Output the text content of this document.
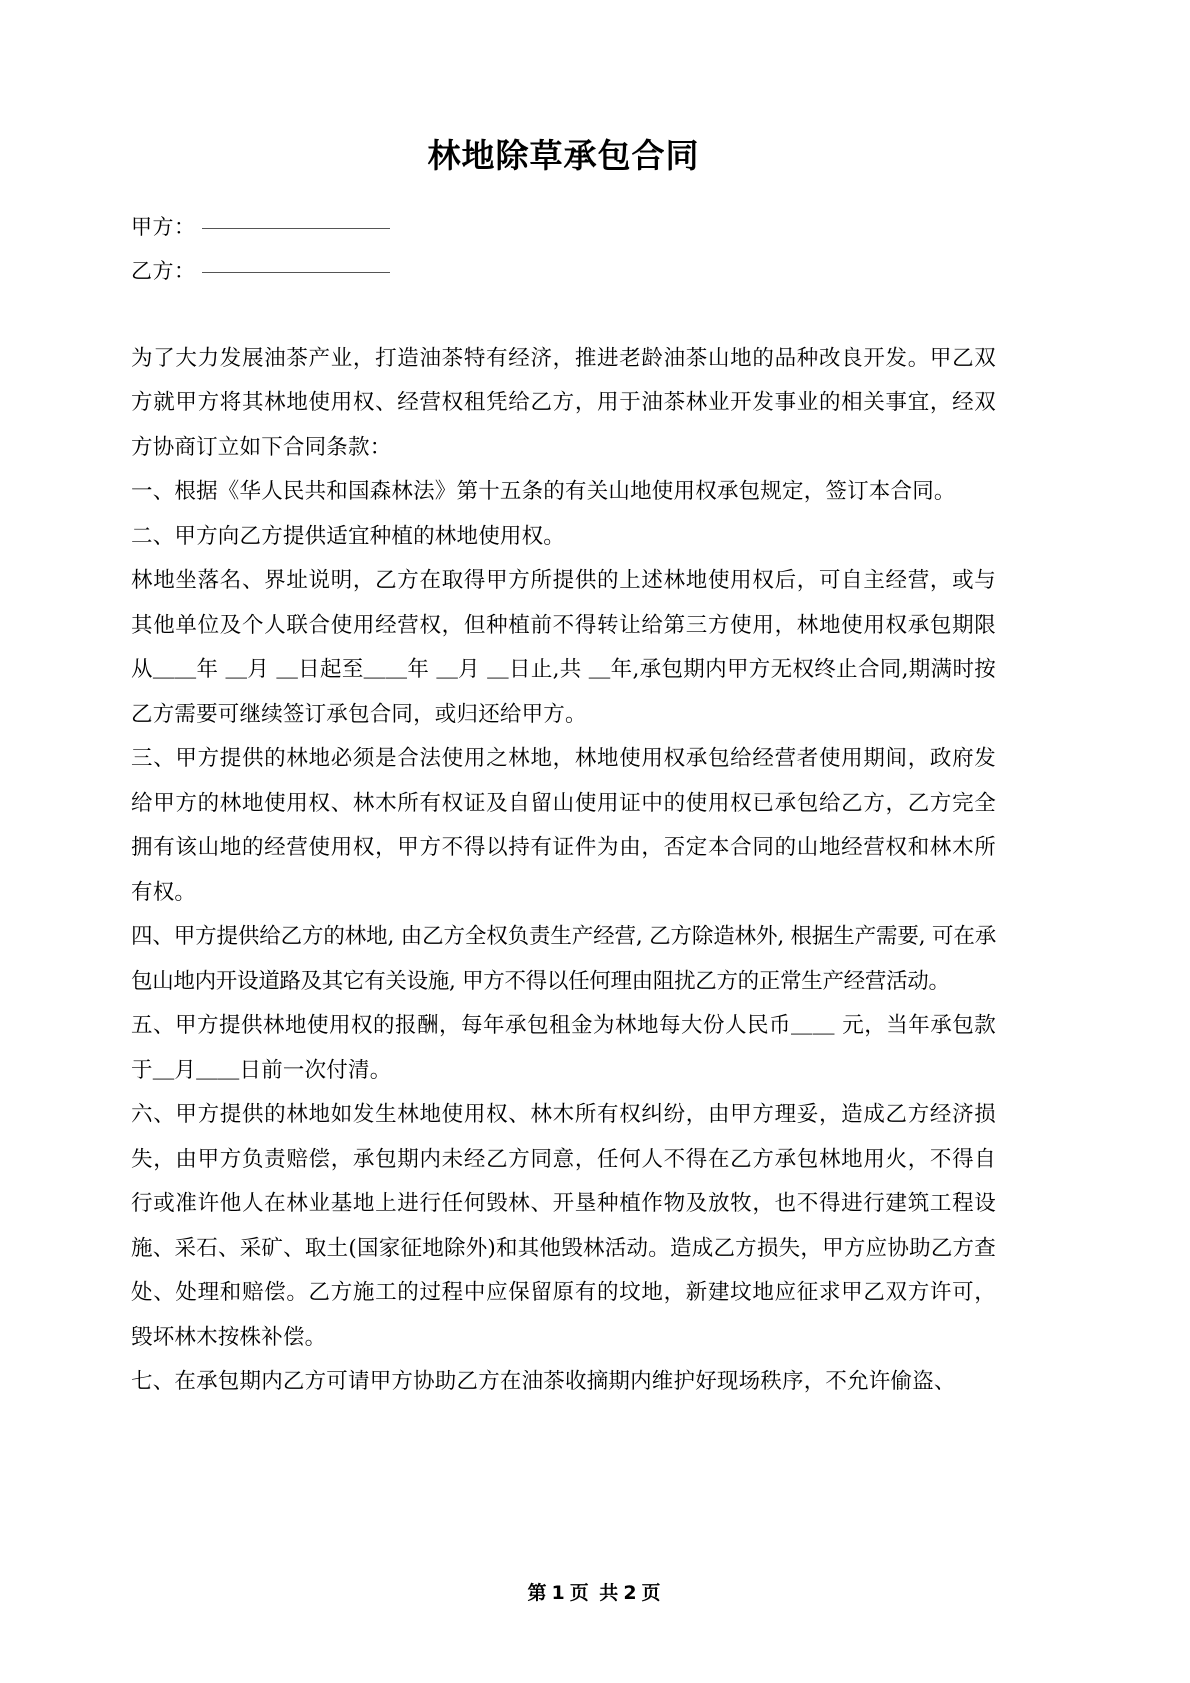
林地除草承包合同
甲方：
乙方：

为了大力发展油茶产业，打造油茶特有经济，推进老龄油茶山地的品种改良开发。甲乙双方就甲方将其林地使用权、经营权租凭给乙方，用于油茶林业开发事业的相关事宜，经双方协商订立如下合同条款：

一、根据《华人民共和国森林法》第十五条的有关山地使用权承包规定，签订本合同。

二、甲方向乙方提供适宜种植的林地使用权。

林地坐落名、界址说明，乙方在取得甲方所提供的上述林地使用权后，可自主经营，或与其他单位及个人联合使用经营权，但种植前不得转让给第三方使用，林地使用权承包期限从＿＿年 ＿月 ＿日起至＿＿年 ＿月 ＿日止,共 ＿年,承包期内甲方无权终止合同,期满时按乙方需要可继续签订承包合同，或归还给甲方。

三、甲方提供的林地必须是合法使用之林地，林地使用权承包给经营者使用期间，政府发给甲方的林地使用权、林木所有权证及自留山使用证中的使用权已承包给乙方，乙方完全拥有该山地的经营使用权，甲方不得以持有证件为由，否定本合同的山地经营权和林木所有权。

四、甲方提供给乙方的林地, 由乙方全权负责生产经营, 乙方除造林外, 根据生产需要, 可在承包山地内开设道路及其它有关设施, 甲方不得以任何理由阻扰乙方的正常生产经营活动。

五、甲方提供林地使用权的报酬，每年承包租金为林地每大份人民币＿＿ 元，当年承包款于＿月＿＿日前一次付清。

六、甲方提供的林地如发生林地使用权、林木所有权纠纷，由甲方理妥，造成乙方经济损失，由甲方负责赔偿，承包期内未经乙方同意，任何人不得在乙方承包林地用火，不得自行或准许他人在林业基地上进行任何毁林、开垦种植作物及放牧，也不得进行建筑工程设施、采石、采矿、取土(国家征地除外)和其他毁林活动。造成乙方损失，甲方应协助乙方查处、处理和赔偿。乙方施工的过程中应保留原有的坟地，新建坟地应征求甲乙双方许可，毁坏林木按株补偿。

七、在承包期内乙方可请甲方协助乙方在油茶收摘期内维护好现场秩序，不允许偷盗、

第 1 页 共 2 页
